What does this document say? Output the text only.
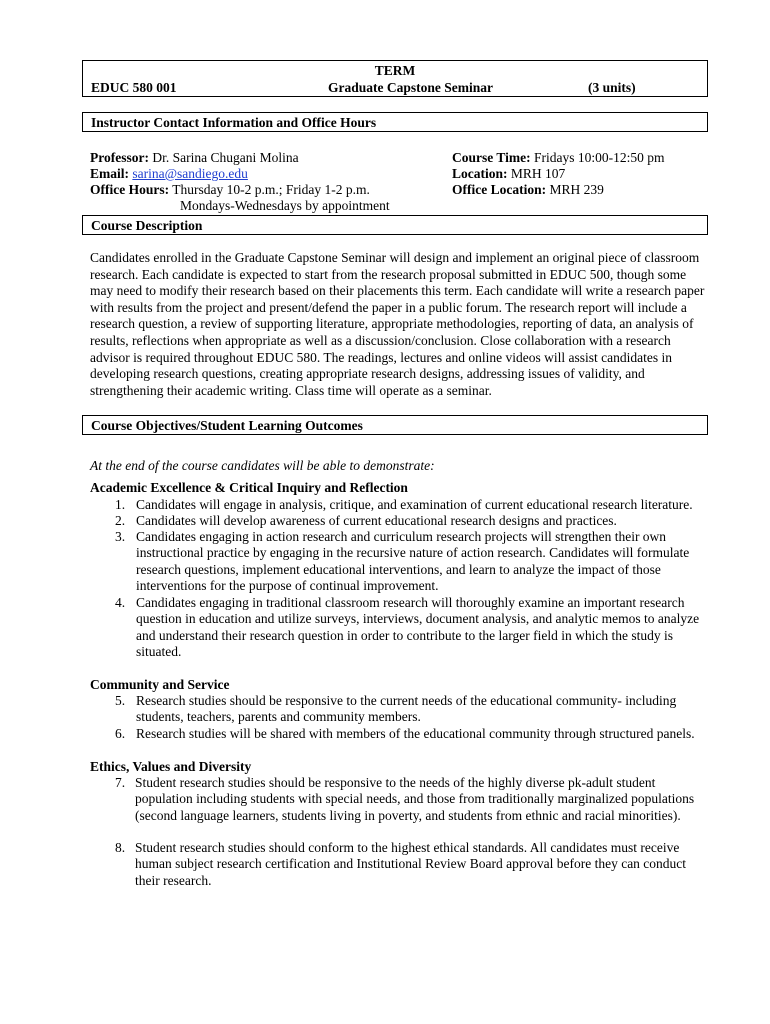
TERM
EDUC 580 001	Graduate Capstone Seminar	(3 units)
Instructor Contact Information and Office Hours
Professor: Dr. Sarina Chugani Molina
Email: sarina@sandiego.edu
Office Hours: Thursday 10-2 p.m.; Friday 1-2 p.m.
Mondays-Wednesdays by appointment
Course Time: Fridays 10:00-12:50 pm
Location: MRH 107
Office Location: MRH 239
Course Description
Candidates enrolled in the Graduate Capstone Seminar will design and implement an original piece of classroom research. Each candidate is expected to start from the research proposal submitted in EDUC 500, though some may need to modify their research based on their placements this term. Each candidate will write a research paper with results from the project and present/defend the paper in a public forum. The research report will include a research question, a review of supporting literature, appropriate methodologies, reporting of data, an analysis of results, reflections when appropriate as well as a discussion/conclusion. Close collaboration with a research advisor is required throughout EDUC 580. The readings, lectures and online videos will assist candidates in developing research questions, creating appropriate research designs, addressing issues of validity, and strengthening their academic writing. Class time will operate as a seminar.
Course Objectives/Student Learning Outcomes
At the end of the course candidates will be able to demonstrate:
Academic Excellence & Critical Inquiry and Reflection
1. Candidates will engage in analysis, critique, and examination of current educational research literature.
2. Candidates will develop awareness of current educational research designs and practices.
3. Candidates engaging in action research and curriculum research projects will strengthen their own instructional practice by engaging in the recursive nature of action research. Candidates will formulate research questions, implement educational interventions, and learn to analyze the impact of those interventions for the purpose of continual improvement.
4. Candidates engaging in traditional classroom research will thoroughly examine an important research question in education and utilize surveys, interviews, document analysis, and analytic memos to analyze and understand their research question in order to contribute to the larger field in which the study is situated.
Community and Service
5. Research studies should be responsive to the current needs of the educational community- including students, teachers, parents and community members.
6. Research studies will be shared with members of the educational community through structured panels.
Ethics, Values and Diversity
7. Student research studies should be responsive to the needs of the highly diverse pk-adult student population including students with special needs, and those from traditionally marginalized populations (second language learners, students living in poverty, and students from ethnic and racial minorities).
8. Student research studies should conform to the highest ethical standards. All candidates must receive human subject research certification and Institutional Review Board approval before they can conduct their research.
